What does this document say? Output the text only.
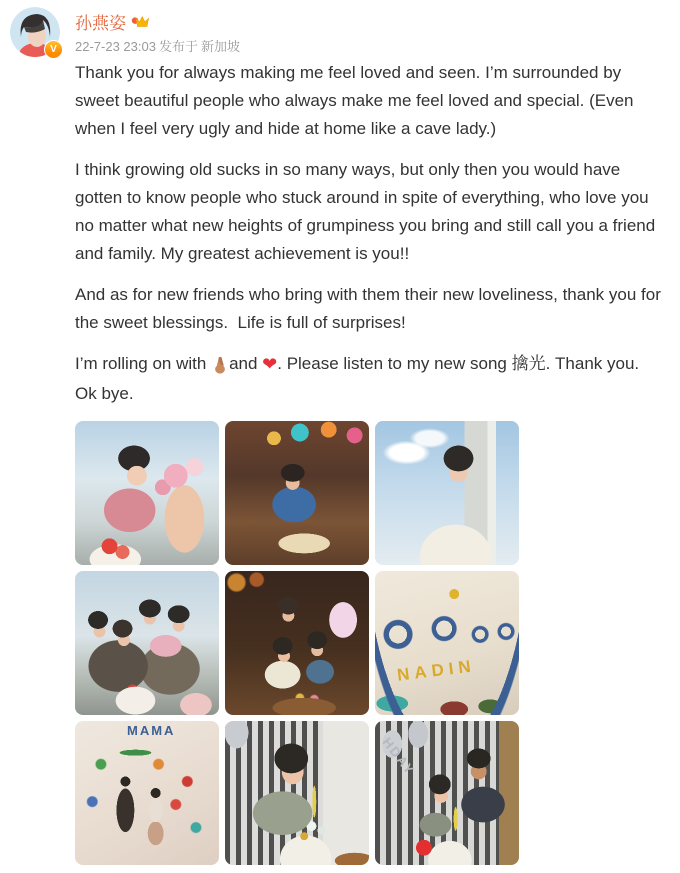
V
孙燕姿
22-7-23 23:03 发布于 新加坡

Thank you for always making me feel loved and seen. I’m surrounded by sweet beautiful people who always make me feel loved and special. (Even when I feel very ugly and hide at home like a cave lady.)

I think growing old sucks in so many ways, but only then you would have gotten to know people who stuck around in spite of everything, who love you no matter what new heights of grumpiness you bring and still call you a friend and family. My greatest achievement is you!!

And as for new friends who bring with them their new loveliness, thank you for the sweet blessings.  Life is full of surprises!

I’m rolling on with and ❤. Please listen to my new song 擒光. Thank you. Ok bye.

NADIN
MAMA
HDAY
